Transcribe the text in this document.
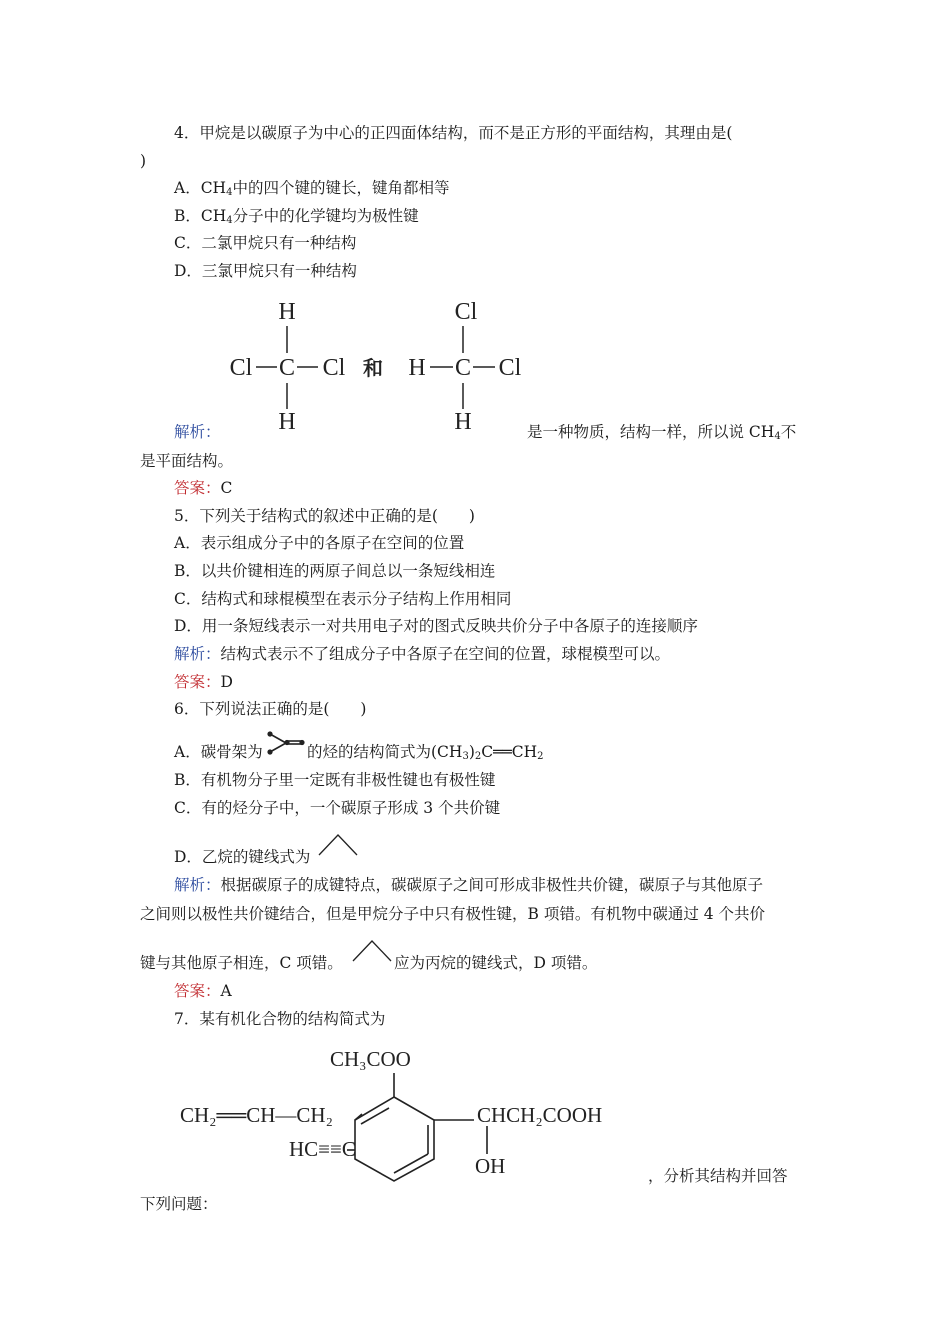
4．甲烷是以碳原子为中心的正四面体结构，而不是正方形的平面结构，其理由是(
)
A．$CH_4$中的四个键的键长，键角都相等
B．$CH_4$分子中的化学键均为极性键
C．二氯甲烷只有一种结构
D．三氯甲烷只有一种结构
H
Cl C Cl
H
和
Cl
H C Cl
H
解析：	是一种物质，结构一样，所以说 $CH_4$不
是平面结构。
答案：C
5．下列关于结构式的叙述中正确的是(　　)
A．表示组成分子中的各原子在空间的位置
B．以共价键相连的两原子间总以一条短线相连
C．结构式和球棍模型在表示分子结构上作用相同
D．用一条短线表示一对共用电子对的图式反映共价分子中各原子的连接顺序
解析：结构式表示不了组成分子中各原子在空间的位置，球棍模型可以。
答案：D
6．下列说法正确的是(　　)
A．碳骨架为	的烃的结构简式为$(CH_3)_2C══CH_2$
B．有机物分子里一定既有非极性键也有极性键
C．有的烃分子中，一个碳原子形成 3 个共价键
D．乙烷的键线式为
解析：根据碳原子的成键特点，碳碳原子之间可形成非极性共价键，碳原子与其他原子
之间则以极性共价键结合，但是甲烷分子中只有极性键，B 项错。有机物中碳通过 4 个共价
键与其他原子相连，C 项错。	应为丙烷的键线式，D 项错。
答案：A
7．某有机化合物的结构简式为
CH₃COO
CH₂══CH—CH₂	CHCH₂COOH
HC≡≡C
OH	，分析其结构并回答
下列问题：
